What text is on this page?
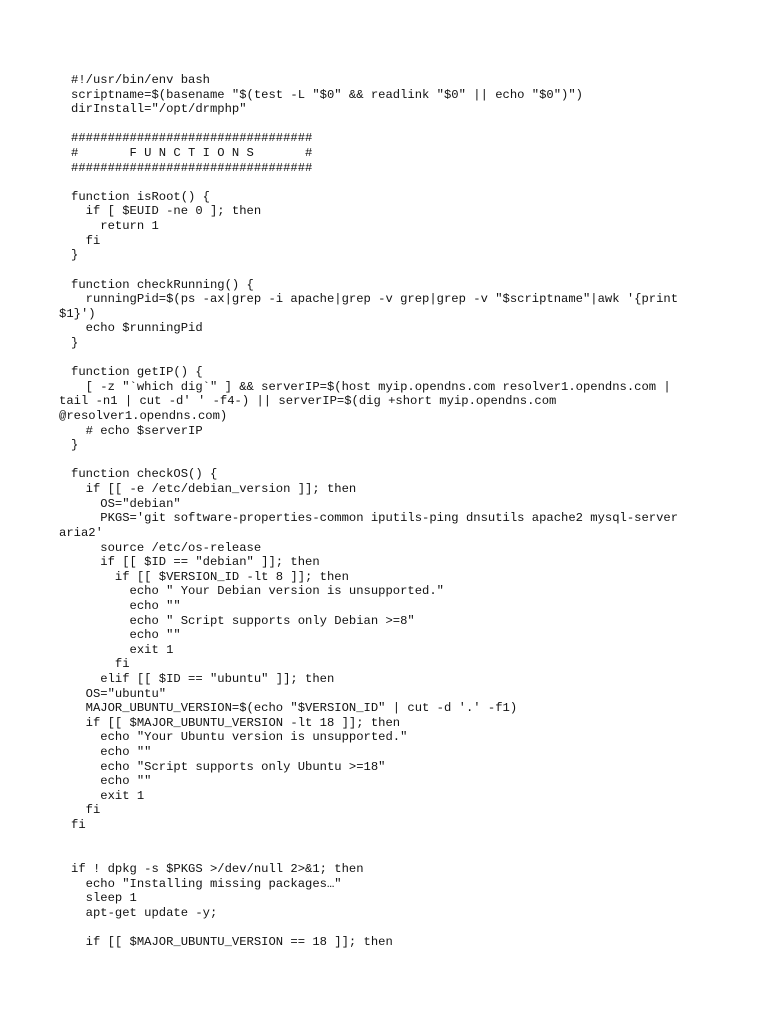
#!/usr/bin/env bash
scriptname=$(basename "$(test -L "$0" && readlink "$0" || echo "$0")")
dirInstall="/opt/drmphp"
#################################
#       F U N C T I O N S       #
#################################
function isRoot() {
if [ $EUID -ne 0 ]; then
return 1
fi
}
function checkRunning() {
runningPid=$(ps -ax|grep -i apache|grep -v grep|grep -v "$scriptname"|awk '{print
$1}')
echo $runningPid
}
function getIP() {
[ -z "`which dig`" ] && serverIP=$(host myip.opendns.com resolver1.opendns.com |
tail -n1 | cut -d' ' -f4-) || serverIP=$(dig +short myip.opendns.com
@resolver1.opendns.com)
# echo $serverIP
}
function checkOS() {
if [[ -e /etc/debian_version ]]; then
OS="debian"
PKGS='git software-properties-common iputils-ping dnsutils apache2 mysql-server
aria2'
source /etc/os-release
if [[ $ID == "debian" ]]; then
if [[ $VERSION_ID -lt 8 ]]; then
echo " Your Debian version is unsupported."
echo ""
echo " Script supports only Debian >=8"
echo ""
exit 1
fi
elif [[ $ID == "ubuntu" ]]; then
OS="ubuntu"
MAJOR_UBUNTU_VERSION=$(echo "$VERSION_ID" | cut -d '.' -f1)
if [[ $MAJOR_UBUNTU_VERSION -lt 18 ]]; then
echo "Your Ubuntu version is unsupported."
echo ""
echo "Script supports only Ubuntu >=18"
echo ""
exit 1
fi
fi
if ! dpkg -s $PKGS >/dev/null 2>&1; then
echo "Installing missing packages…"
sleep 1
apt-get update -y;
if [[ $MAJOR_UBUNTU_VERSION == 18 ]]; then
